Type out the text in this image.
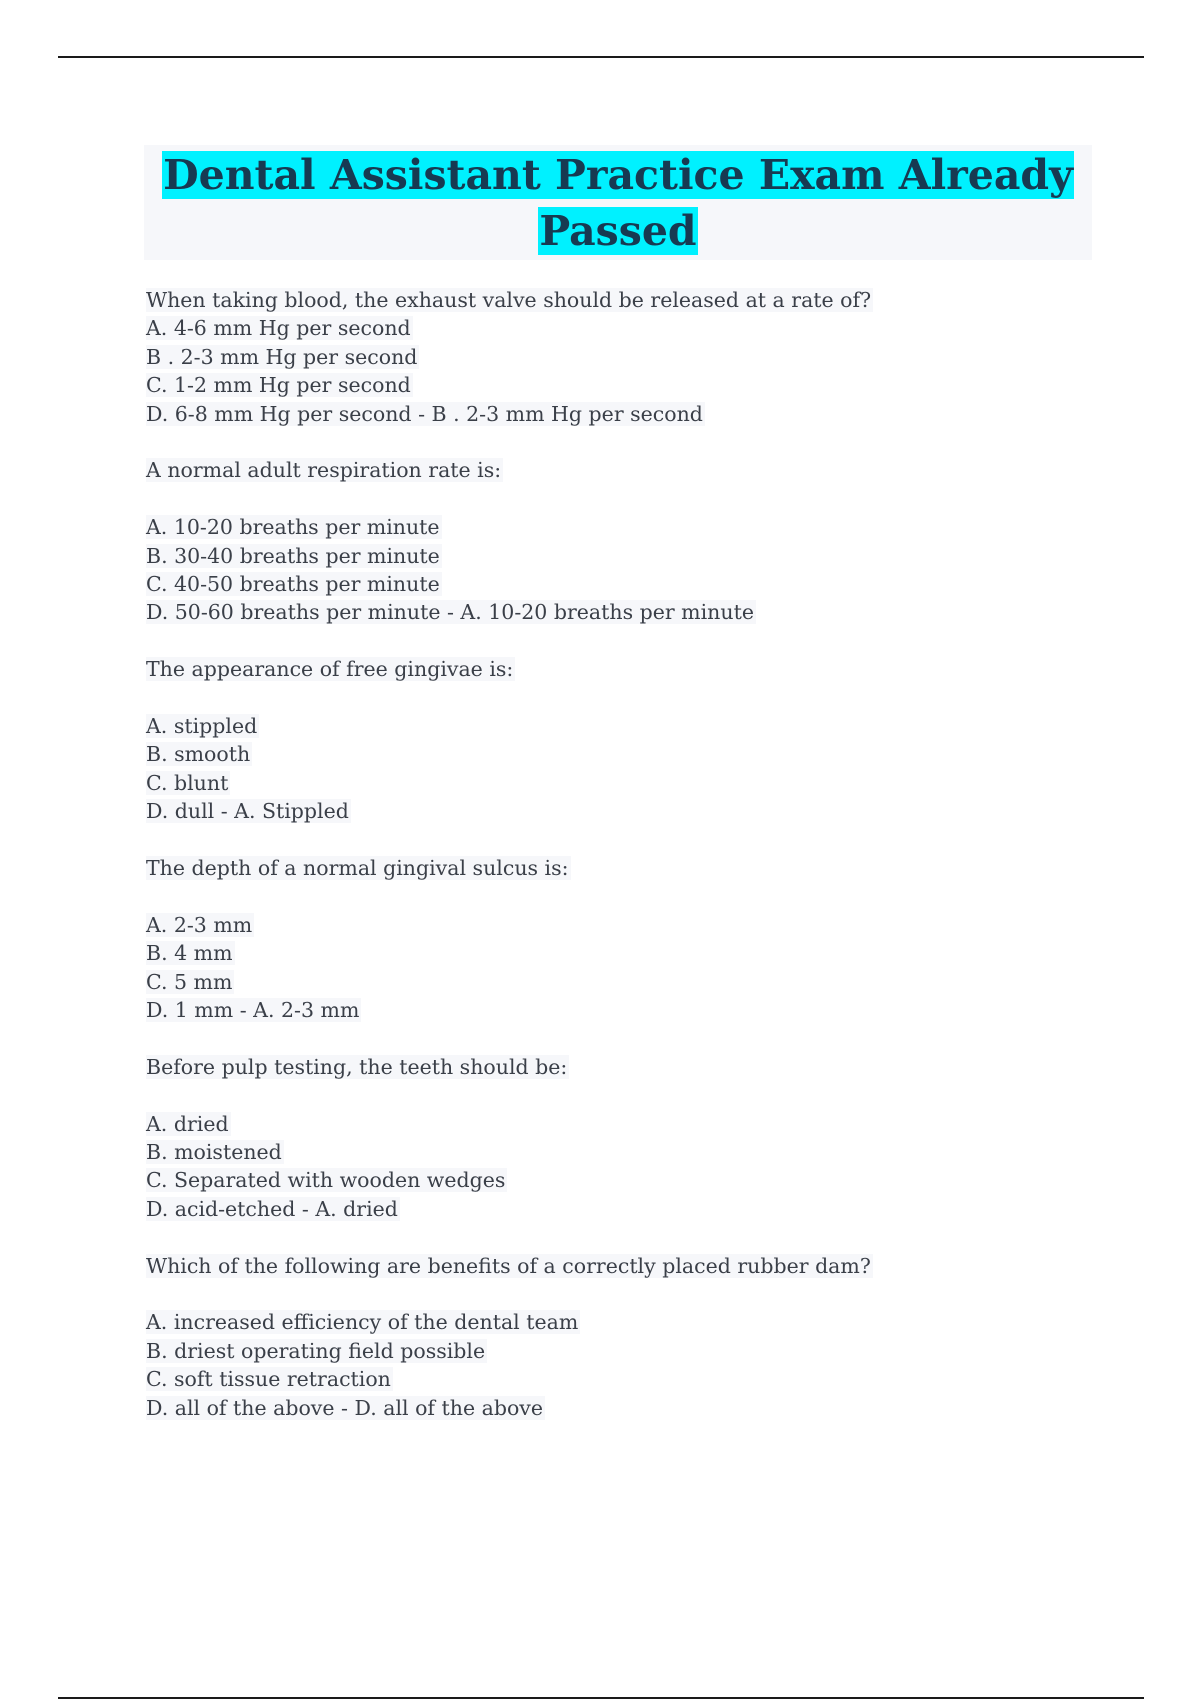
Dental Assistant Practice Exam Already
Passed
When taking blood, the exhaust valve should be released at a rate of?
A. 4-6 mm Hg per second
B . 2-3 mm Hg per second
C. 1-2 mm Hg per second
D. 6-8 mm Hg per second - B . 2-3 mm Hg per second
A normal adult respiration rate is:
A. 10-20 breaths per minute
B. 30-40 breaths per minute
C. 40-50 breaths per minute
D. 50-60 breaths per minute - A. 10-20 breaths per minute
The appearance of free gingivae is:
A. stippled
B. smooth
C. blunt
D. dull - A. Stippled
The depth of a normal gingival sulcus is:
A. 2-3 mm
B. 4 mm
C. 5 mm
D. 1 mm - A. 2-3 mm
Before pulp testing, the teeth should be:
A. dried
B. moistened
C. Separated with wooden wedges
D. acid-etched - A. dried
Which of the following are benefits of a correctly placed rubber dam?
A. increased efficiency of the dental team
B. driest operating field possible
C. soft tissue retraction
D. all of the above - D. all of the above
